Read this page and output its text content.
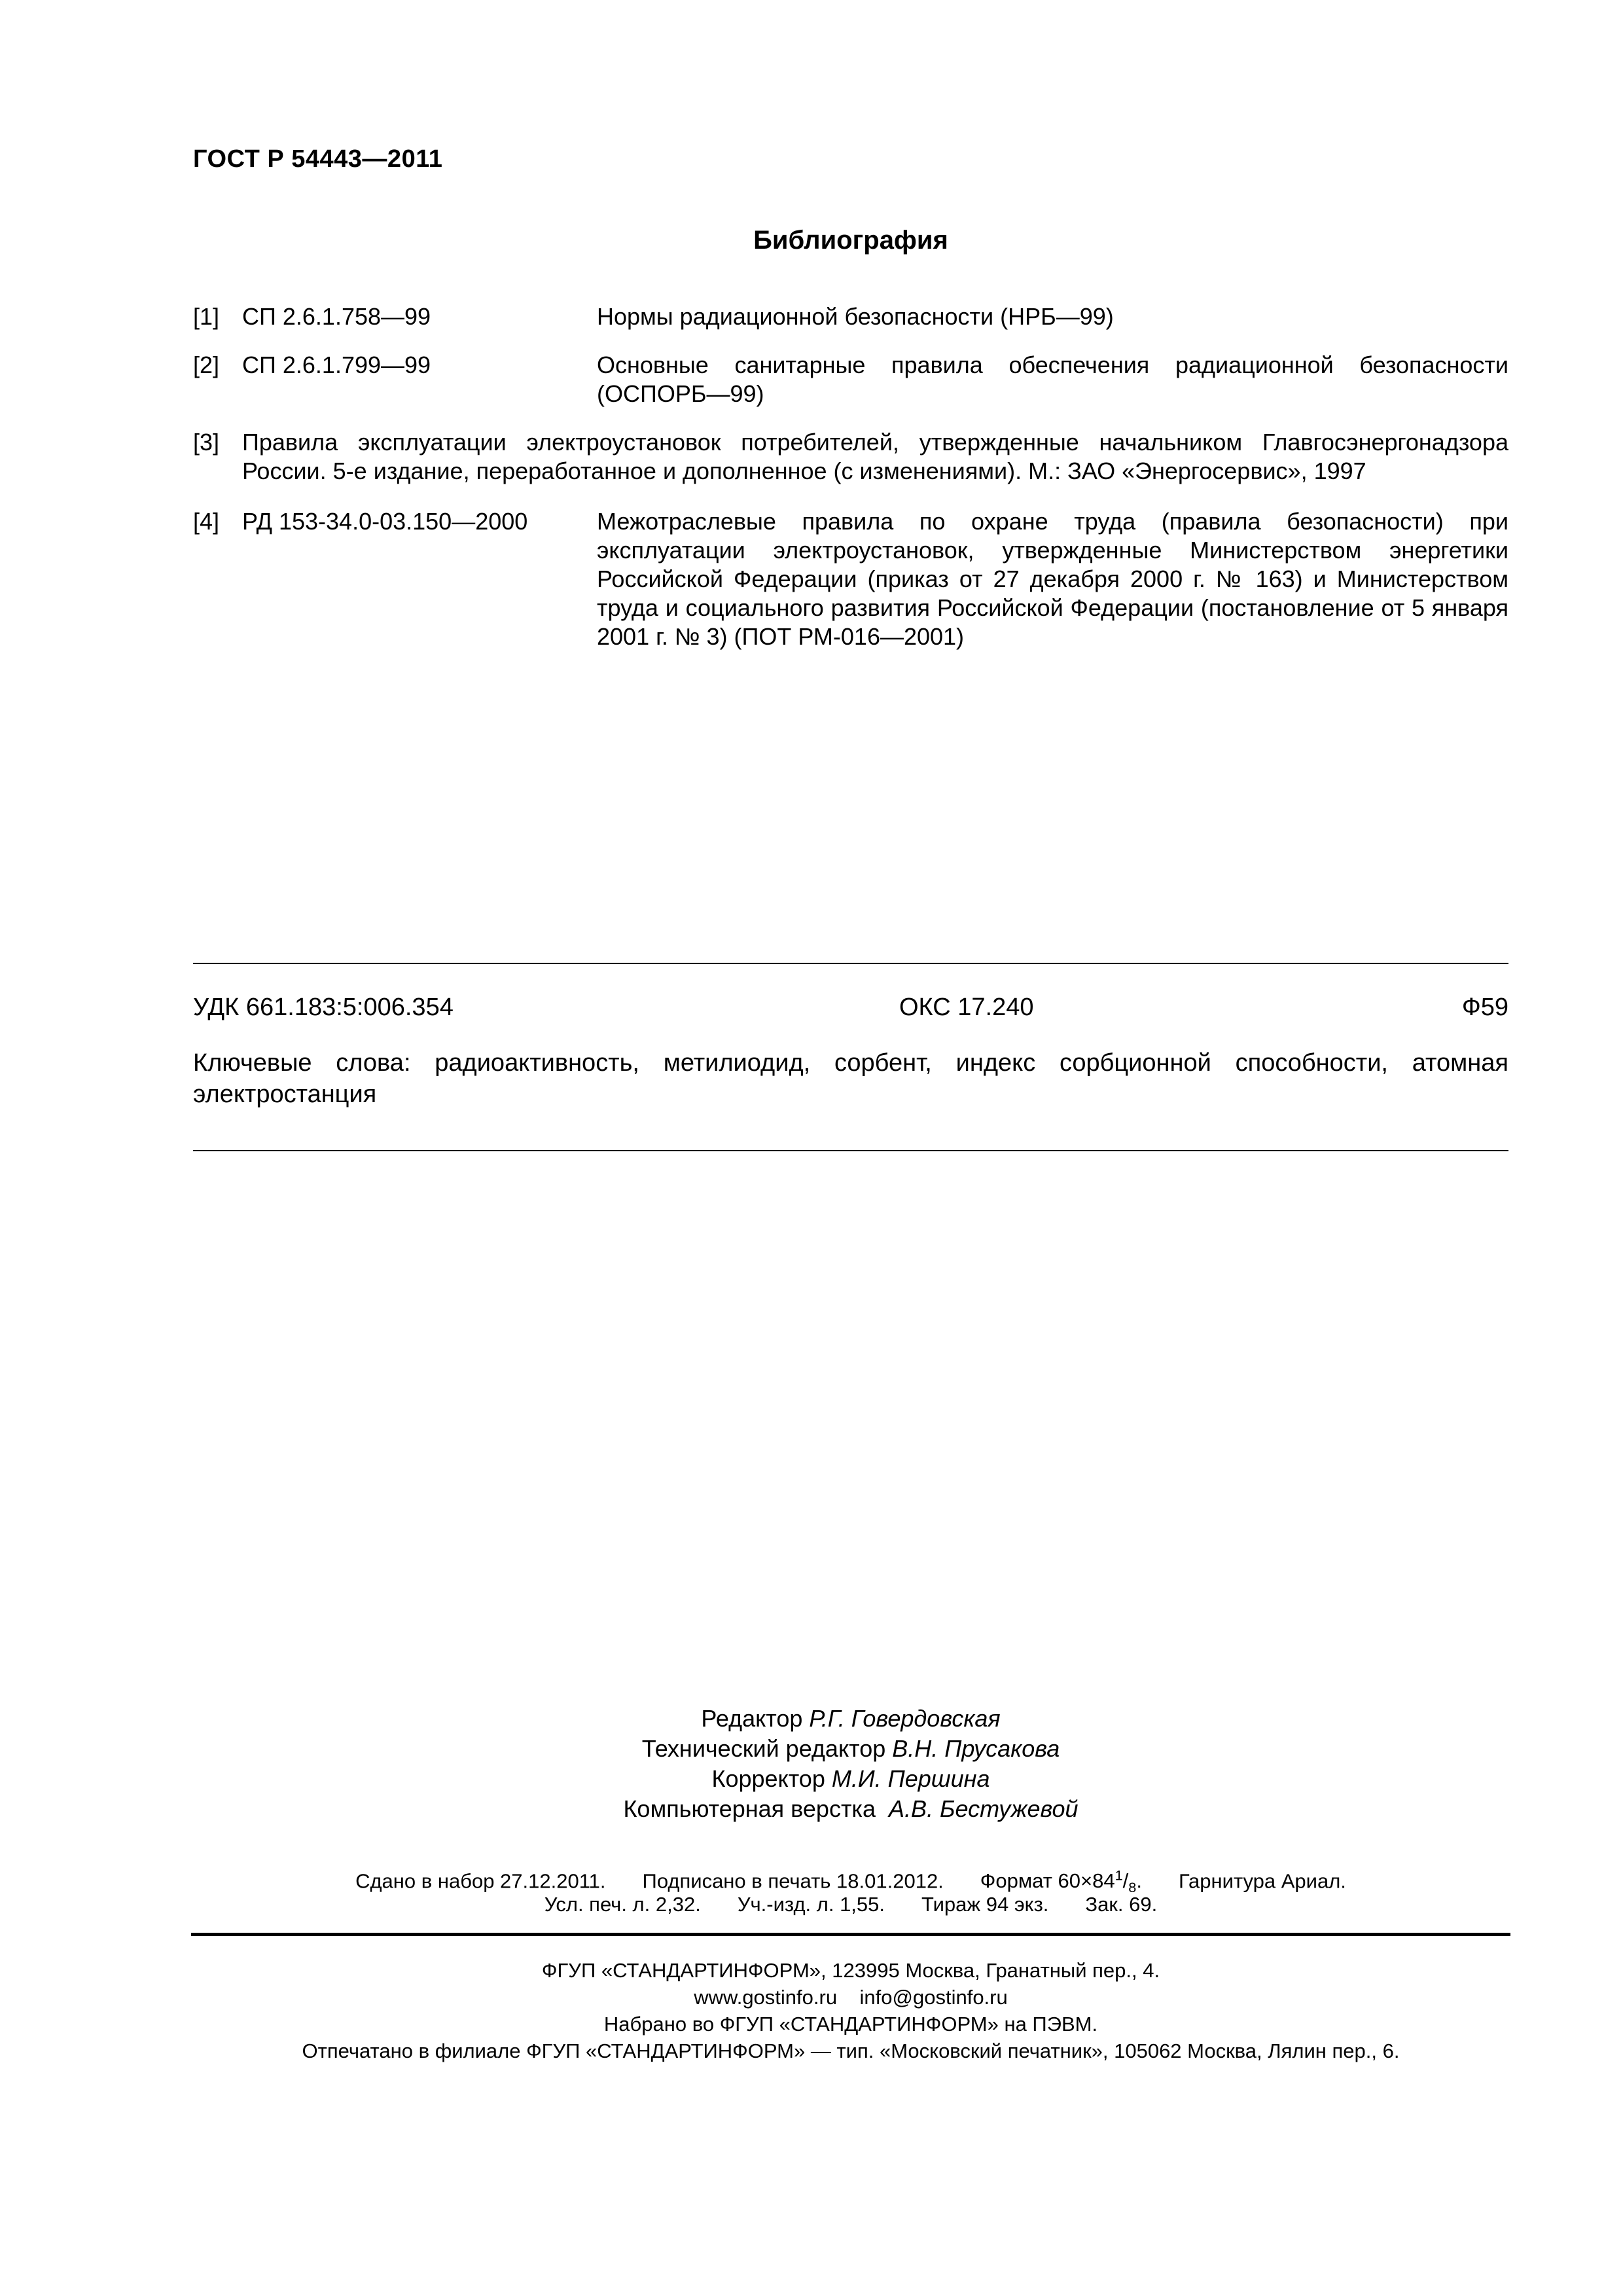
ГОСТ Р 54443—2011
Библиография
[1] СП 2.6.1.758—99	Нормы радиационной безопасности (НРБ—99)
[2] СП 2.6.1.799—99	Основные санитарные правила обеспечения радиационной безопасности (ОСПОРБ—99)
[3] Правила эксплуатации электроустановок потребителей, утвержденные начальником Главгосэнергонадзора России. 5-е издание, переработанное и дополненное (с изменениями). М.: ЗАО «Энергосервис», 1997
[4] РД 153-34.0-03.150—2000	Межотраслевые правила по охране труда (правила безопасности) при эксплуатации электроустановок, утвержденные Министерством энергетики Российской Федерации (приказ от 27 декабря 2000 г. № 163) и Министерством труда и социального развития Российской Федерации (постановление от 5 января 2001 г. № 3) (ПОТ РМ-016—2001)
УДК 661.183:5:006.354	ОКС 17.240	Ф59
Ключевые слова: радиоактивность, метилиодид, сорбент, индекс сорбционной способности, атомная электростанция
Редактор Р.Г. Говердовская
Технический редактор В.Н. Прусакова
Корректор М.И. Першина
Компьютерная верстка А.В. Бестужевой
Сдано в набор 27.12.2011. Подписано в печать 18.01.2012. Формат $60\times 84^1/_8$. Гарнитура Ариал.
Усл. печ. л. 2,32. Уч.-изд. л. 1,55. Тираж 94 экз. Зак. 69.
ФГУП «СТАНДАРТИНФОРМ», 123995 Москва, Гранатный пер., 4.
www.gostinfo.ru info@gostinfo.ru
Набрано во ФГУП «СТАНДАРТИНФОРМ» на ПЭВМ.
Отпечатано в филиале ФГУП «СТАНДАРТИНФОРМ» — тип. «Московский печатник», 105062 Москва, Лялин пер., 6.
